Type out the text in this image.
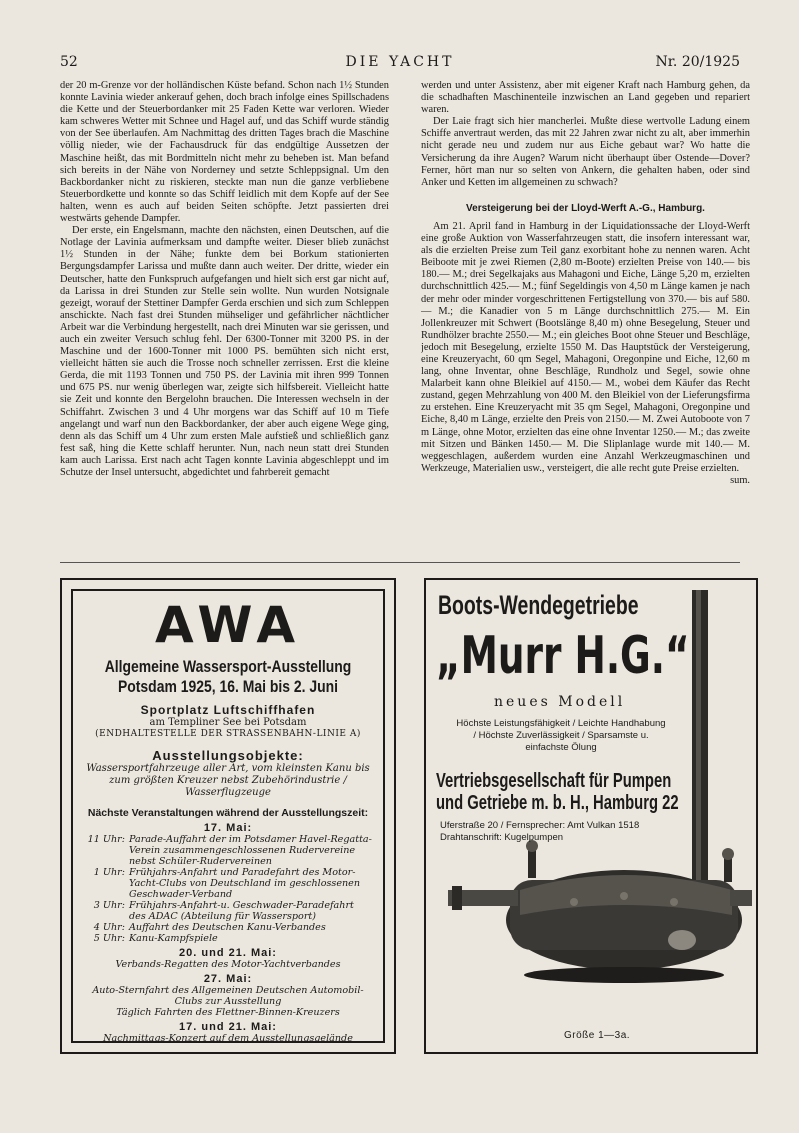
52	DIE YACHT	Nr. 20/1925

der 20 m-Grenze vor der holländischen Küste befand. Schon nach 1½ Stunden konnte Lavinia wieder ankerauf gehen, doch brach infolge eines Spillschadens die Kette und der Steuerbordanker mit 25 Faden Kette war verloren. Wieder kam schweres Wetter mit Schnee und Hagel auf, und das Schiff wurde ständig von der See überlaufen. Am Nachmittag des dritten Tages brach die Maschine völlig nieder, wie der Fachausdruck für das endgültige Aussetzen der Maschine heißt, das mit Bordmitteln nicht mehr zu beheben ist. Man befand sich bereits in der Nähe von Norderney und setzte Schleppsignal. Um den Backbordanker nicht zu riskieren, steckte man nun die ganze verbliebene Steuerbordkette und konnte so das Schiff leidlich mit dem Kopfe auf der See halten, wenn es auch auf beiden Seiten schöpfte. Jetzt passierten drei westwärts gehende Dampfer.

Der erste, ein Engelsmann, machte den nächsten, einen Deutschen, auf die Notlage der Lavinia aufmerksam und dampfte weiter. Dieser blieb zunächst 1½ Stunden in der Nähe; funkte dem bei Borkum stationierten Bergungsdampfer Larissa und mußte dann auch weiter. Der dritte, wieder ein Deutscher, hatte den Funkspruch aufgefangen und hielt sich erst gar nicht auf, da Larissa in drei Stunden zur Stelle sein wollte. Nun wurden Notsignale gezeigt, worauf der Stettiner Dampfer Gerda erschien und sich zum Schleppen anschickte. Nach fast drei Stunden mühseliger und gefährlicher nächtlicher Arbeit war die Verbindung hergestellt, nach drei Minuten war sie gerissen, und auch ein zweiter Versuch schlug fehl. Der 6300-Tonner mit 3200 PS. in der Maschine und der 1600-Tonner mit 1000 PS. bemühten sich nicht erst, vielleicht hätten sie auch die Trosse noch schneller zerrissen. Erst die kleine Gerda, die mit 1193 Tonnen und 750 PS. der Lavinia mit ihren 999 Tonnen und 675 PS. nur wenig überlegen war, zeigte sich hilfsbereit. Vielleicht hatte sie Zeit und konnte den Bergelohn brauchen. Die Interessen wechseln in der Schiffahrt. Zwischen 3 und 4 Uhr morgens war das Schiff auf 10 m Tiefe angelangt und warf nun den Backbordanker, der aber auch eigene Wege ging, denn als das Schiff um 4 Uhr zum ersten Male aufstieß und schließlich ganz fest saß, hing die Kette schlaff herunter. Nun, nach neun statt drei Stunden kam auch Larissa. Erst nach acht Tagen konnte Lavinia abgeschleppt und im Schutze der Insel untersucht, abgedichtet und fahrbereit gemacht

werden und unter Assistenz, aber mit eigener Kraft nach Hamburg gehen, da die schadhaften Maschinenteile inzwischen an Land gegeben und repariert waren.

Der Laie fragt sich hier mancherlei. Mußte diese wertvolle Ladung einem Schiffe anvertraut werden, das mit 22 Jahren zwar nicht zu alt, aber immerhin nicht gerade neu und zudem nur aus Eiche gebaut war? Wo hatte die Versicherung da ihre Augen? Warum nicht überhaupt über Ostende—Dover? Ferner, hört man nur so selten von Ankern, die gehalten haben, oder sind Anker und Ketten im allgemeinen zu schwach?

Versteigerung bei der Lloyd-Werft A.-G., Hamburg.

Am 21. April fand in Hamburg in der Liquidationssache der Lloyd-Werft eine große Auktion von Wasserfahrzeugen statt, die insofern interessant war, als die erzielten Preise zum Teil ganz exorbitant hohe zu nennen waren. Acht Beiboote mit je zwei Riemen (2,80 m-Boote) erzielten Preise von 140.— bis 180.— M.; drei Segelkajaks aus Mahagoni und Eiche, Länge 5,20 m, erzielten durchschnittlich 425.— M.; fünf Segeldingis von 4,50 m Länge kamen je nach der mehr oder minder vorgeschrittenen Fertigstellung von 370.— bis auf 580.— M.; die Kanadier von 5 m Länge durchschnittlich 275.— M. Ein Jollenkreuzer mit Schwert (Bootslänge 8,40 m) ohne Besegelung, Steuer und Rundhölzer brachte 2550.— M.; ein gleiches Boot ohne Steuer und Beschläge, jedoch mit Besegelung, erzielte 1550 M. Das Hauptstück der Versteigerung, eine Kreuzeryacht, 60 qm Segel, Mahagoni, Oregonpine und Eiche, 12,60 m lang, ohne Inventar, ohne Beschläge, Rundholz und Segel, sowie ohne Malarbeit kann ohne Bleikiel auf 4150.— M., wobei dem Käufer das Recht zustand, gegen Mehrzahlung von 400 M. den Bleikiel von der Lieferungsfirma zu erstehen. Eine Kreuzeryacht mit 35 qm Segel, Mahagoni, Oregonpine und Eiche, 8,40 m Länge, erzielte den Preis von 2150.— M. Zwei Autoboote von 7 m Länge, ohne Motor, erzielten das eine ohne Inventar 1250.— M.; das zweite mit Sitzen und Bänken 1450.— M. Die Sliplanlage wurde mit 140.— M. weggeschlagen, außerdem wurden eine Anzahl Werkzeugmaschinen und Werkzeuge, Materialien usw., versteigert, die alle recht gute Preise erzielten.

sum.
AWA
Allgemeine Wassersport-Ausstellung
Potsdam 1925, 16. Mai bis 2. Juni
Sportplatz Luftschiffhafen
am Templiner See bei Potsdam
(ENDHALTESTELLE DER STRASSENBAHN-LINIE A)
Ausstellungsobjekte:
Wassersportfahrzeuge aller Art, vom kleinsten Kanu bis zum größten Kreuzer nebst Zubehörindustrie / Wasserflugzeuge
Nächste Veranstaltungen während der Ausstellungszeit:
17. Mai:
11 Uhr: Parade-Auffahrt der im Potsdamer Havel-Regatta-Verein zusammengeschlossenen Rudervereine nebst Schüler-Rudervereinen
1 Uhr: Frühjahrs-Anfahrt und Paradefahrt des Motor-Yacht-Clubs von Deutschland im geschlossenen Geschwader-Verband
3 Uhr: Frühjahrs-Anfahrt-u. Geschwader-Paradefahrt des ADAC (Abteilung für Wassersport)
4 Uhr: Auffahrt des Deutschen Kanu-Verbandes
5 Uhr: Kanu-Kampfspiele
20. und 21. Mai:
Verbands-Regatten des Motor-Yachtverbandes
27. Mai:
Auto-Sternfahrt des Allgemeinen Deutschen Automobil-Clubs zur Ausstellung
Täglich Fahrten des Flettner-Binnen-Kreuzers
17. und 21. Mai:
Nachmittags-Konzert auf dem Ausstellungsgelände
Boots-Wendegetriebe
„Murr H.G.“
neues Modell
Höchste Leistungsfähigkeit / Leichte Handhabung / Höchste Zuverlässigkeit / Sparsamste u. einfachste Ölung
Vertriebsgesellschaft für Pumpen
und Getriebe m. b. H., Hamburg 22
Uferstraße 20 / Fernsprecher: Amt Vulkan 1518
Drahtanschrift: Kugelpumpen
Größe 1—3a.
